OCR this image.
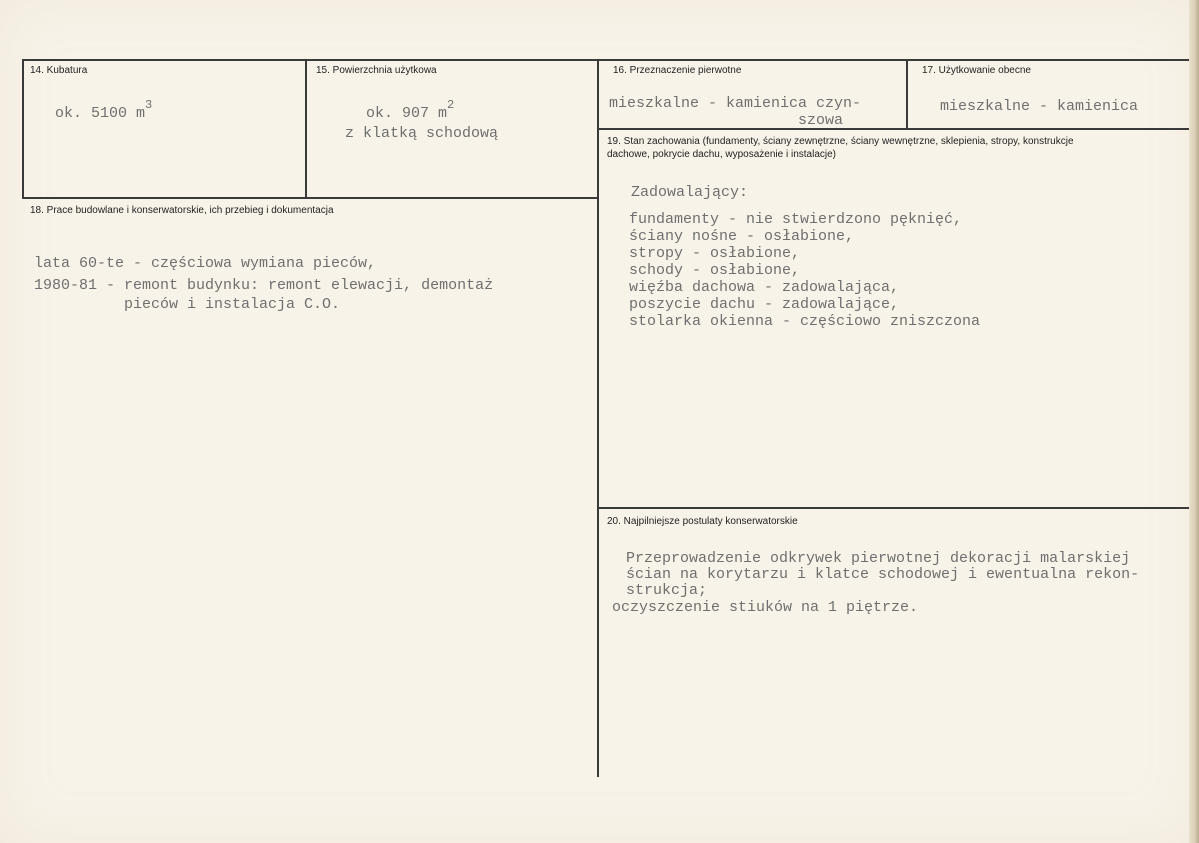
14. Kubatura
ok. 5100 $m^3$
15. Powierzchnia użytkowa
ok. 907 $m^2$
z klatką schodową
16. Przeznaczenie pierwotne
mieszkalne - kamienica czyn-
szowa
17. Użytkowanie obecne
mieszkalne - kamienica
18. Prace budowlane i konserwatorskie, ich przebieg i dokumentacja
lata 60-te - częściowa wymiana pieców,
1980-81 - remont budynku: remont elewacji, demontaż
pieców i instalacja C.O.
19. Stan zachowania (fundamenty, ściany zewnętrzne, ściany wewnętrzne, sklepienia, stropy, konstrukcje dachowe, pokrycie dachu, wyposażenie i instalacje)
Zadowalający:
fundamenty - nie stwierdzono pęknięć,
ściany nośne - osłabione,
stropy - osłabione,
schody - osłabione,
więźba dachowa - zadowalająca,
poszycie dachu - zadowalające,
stolarka okienna - częściowo zniszczona
20. Najpilniejsze postulaty konserwatorskie
Przeprowadzenie odkrywek pierwotnej dekoracji malarskiej
ścian na korytarzu i klatce schodowej i ewentualna rekon-
strukcja;
oczyszczenie stiuków na 1 piętrze.
